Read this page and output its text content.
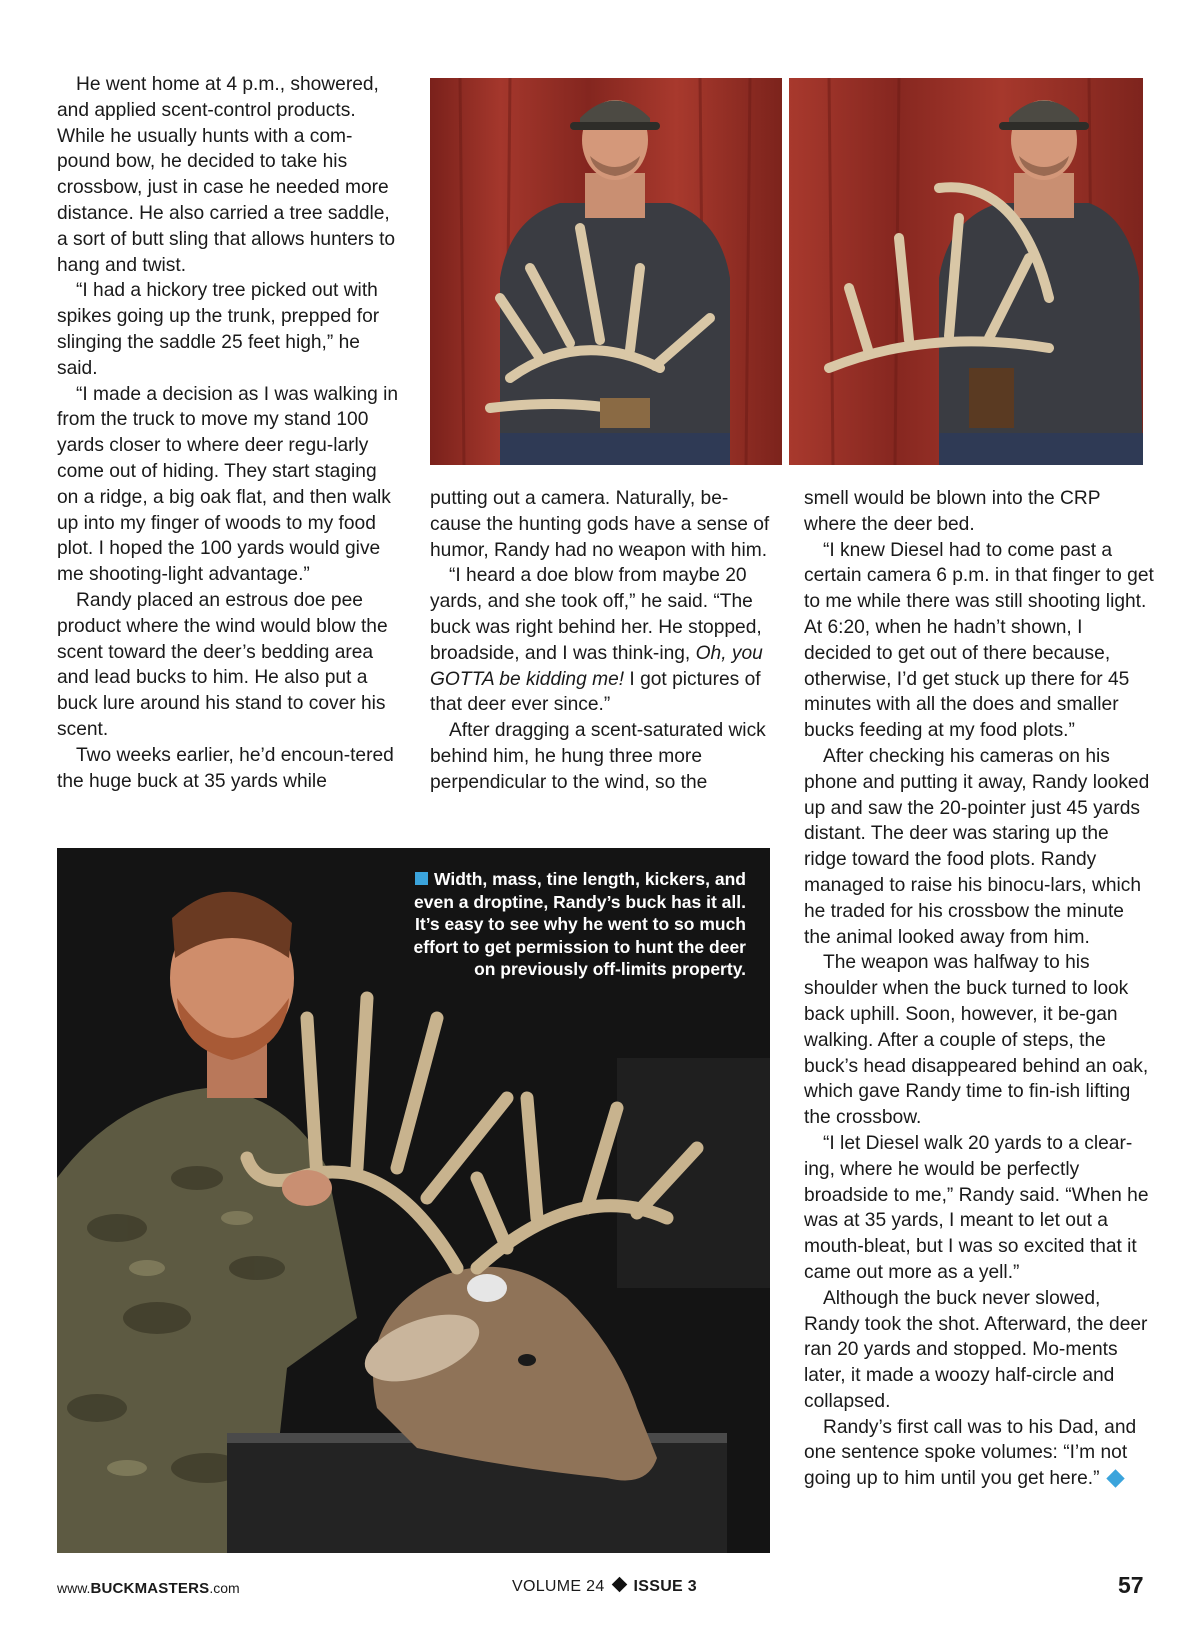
He went home at 4 p.m., showered, and applied scent-control products. While he usually hunts with a com-pound bow, he decided to take his crossbow, just in case he needed more distance. He also carried a tree saddle, a sort of butt sling that allows hunters to hang and twist.

“I had a hickory tree picked out with spikes going up the trunk, prepped for slinging the saddle 25 feet high,” he said.

“I made a decision as I was walking in from the truck to move my stand 100 yards closer to where deer regu-larly come out of hiding. They start staging on a ridge, a big oak flat, and then walk up into my finger of woods to my food plot. I hoped the 100 yards would give me shooting-light advantage.”

Randy placed an estrous doe pee product where the wind would blow the scent toward the deer’s bedding area and lead bucks to him. He also put a buck lure around his stand to cover his scent.

Two weeks earlier, he’d encoun-tered the huge buck at 35 yards while

putting out a camera. Naturally, be-cause the hunting gods have a sense of humor, Randy had no weapon with him.

“I heard a doe blow from maybe 20 yards, and she took off,” he said. “The buck was right behind her. He stopped, broadside, and I was think-ing, Oh, you GOTTA be kidding me! I got pictures of that deer ever since.”

After dragging a scent-saturated wick behind him, he hung three more perpendicular to the wind, so the

smell would be blown into the CRP where the deer bed.

“I knew Diesel had to come past a certain camera 6 p.m. in that finger to get to me while there was still shooting light. At 6:20, when he hadn’t shown, I decided to get out of there because, otherwise, I’d get stuck up there for 45 minutes with all the does and smaller bucks feeding at my food plots.”

After checking his cameras on his phone and putting it away, Randy looked up and saw the 20-pointer just 45 yards distant. The deer was staring up the ridge toward the food plots. Randy managed to raise his binocu-lars, which he traded for his crossbow the minute the animal looked away from him.

The weapon was halfway to his shoulder when the buck turned to look back uphill. Soon, however, it be-gan walking. After a couple of steps, the buck’s head disappeared behind an oak, which gave Randy time to fin-ish lifting the crossbow.

“I let Diesel walk 20 yards to a clear-ing, where he would be perfectly broadside to me,” Randy said. “When he was at 35 yards, I meant to let out a mouth-bleat, but I was so excited that it came out more as a yell.”

Although the buck never slowed, Randy took the shot. Afterward, the deer ran 20 yards and stopped. Mo-ments later, it made a woozy half-circle and collapsed.

Randy’s first call was to his Dad, and one sentence spoke volumes: “I’m not going up to him until you get here.”

Width, mass, tine length, kickers, and even a droptine, Randy’s buck has it all. It’s easy to see why he went to so much effort to get permission to hunt the deer on previously off-limits property.
www.BUCKMASTERS.com	VOLUME 24 ISSUE 3	57
